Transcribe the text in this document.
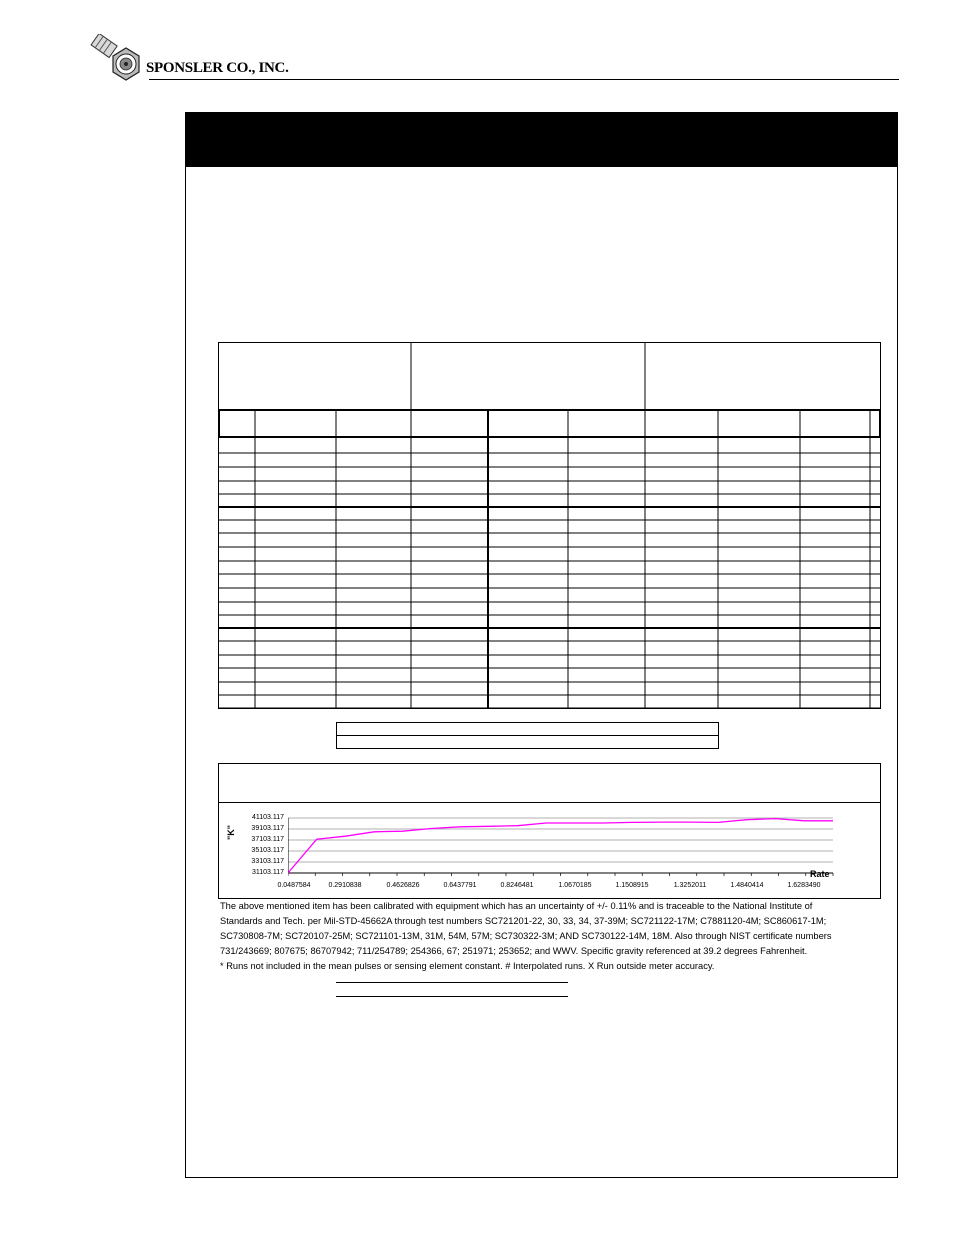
SPONSLER CO., INC.
"K"
Rate
41103.117
39103.117
37103.117
35103.117
33103.117
31103.117
0.0487584	0.2910838	0.4626826	0.6437791	0.8246481	1.0670185	1.1508915	1.3252011	1.4840414	1.6283490

The above mentioned item has been calibrated with equipment which has an uncertainty of +/- 0.11% and is traceable to the National Institute of

Standards and Tech. per Mil-STD-45662A through test numbers SC721201-22, 30, 33, 34, 37-39M; SC721122-17M; C7881120-4M; SC860617-1M;

SC730808-7M; SC720107-25M; SC721101-13M, 31M, 54M, 57M; SC730322-3M; AND SC730122-14M, 18M. Also through NIST certificate numbers

731/243669; 807675; 86707942; 711/254789; 254366, 67; 251971; 253652; and WWV. Specific gravity referenced at 39.2 degrees Fahrenheit.

* Runs not included in the mean pulses or sensing element constant. # Interpolated runs. X Run outside meter accuracy.
